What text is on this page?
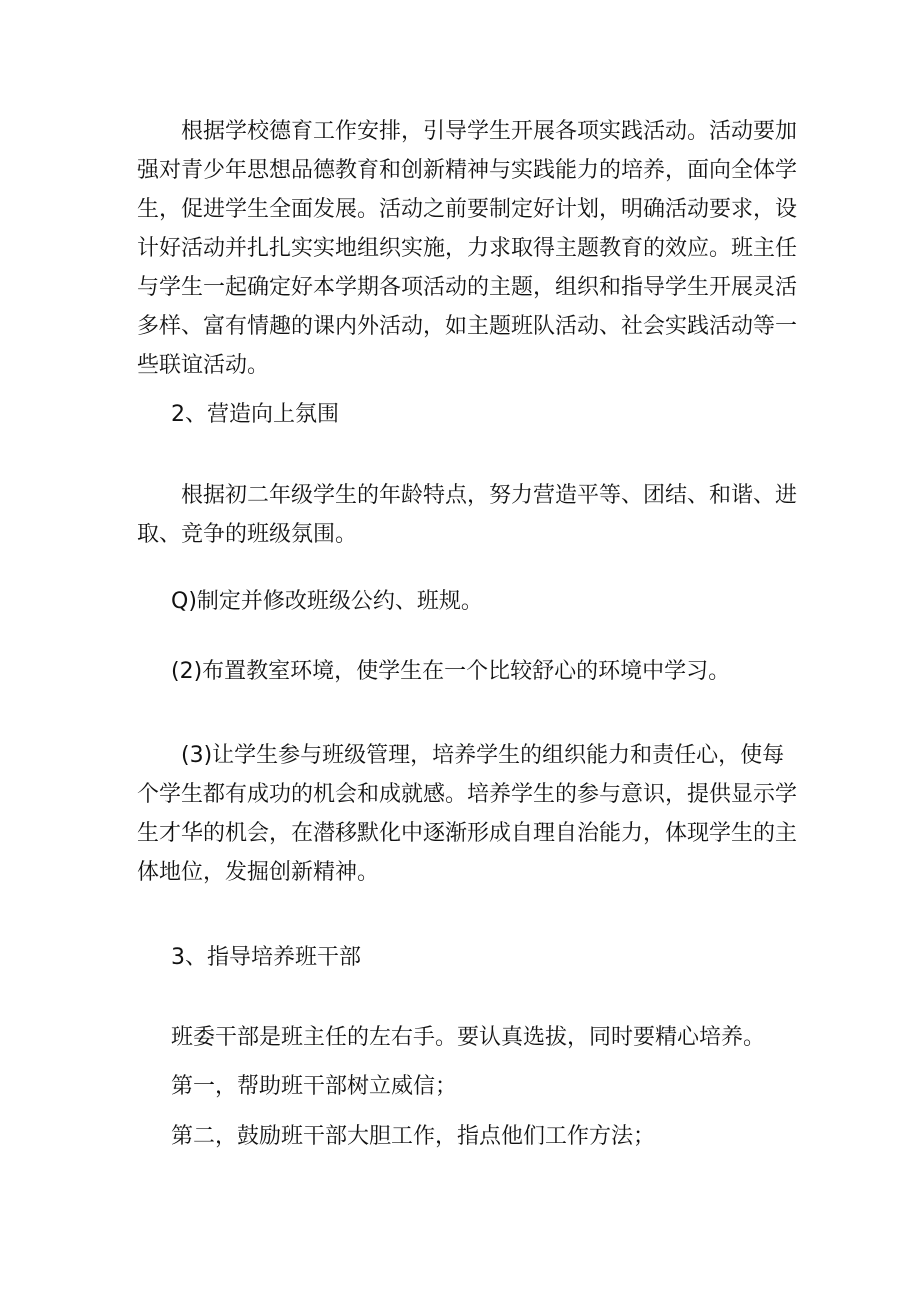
根据学校德育工作安排，引导学生开展各项实践活动。活动要加强对青少年思想品德教育和创新精神与实践能力的培养，面向全体学生，促进学生全面发展。活动之前要制定好计划，明确活动要求，设计好活动并扎扎实实地组织实施，力求取得主题教育的效应。班主任与学生一起确定好本学期各项活动的主题，组织和指导学生开展灵活多样、富有情趣的课内外活动，如主题班队活动、社会实践活动等一些联谊活动。

2、营造向上氛围

根据初二年级学生的年龄特点，努力营造平等、团结、和谐、进取、竞争的班级氛围。

Q)制定并修改班级公约、班规。

(2)布置教室环境，使学生在一个比较舒心的环境中学习。

(3)让学生参与班级管理，培养学生的组织能力和责任心，使每个学生都有成功的机会和成就感。培养学生的参与意识，提供显示学生才华的机会，在潜移默化中逐渐形成自理自治能力，体现学生的主体地位，发掘创新精神。

3、指导培养班干部

班委干部是班主任的左右手。要认真选拔，同时要精心培养。

第一，帮助班干部树立威信；

第二，鼓励班干部大胆工作，指点他们工作方法；
